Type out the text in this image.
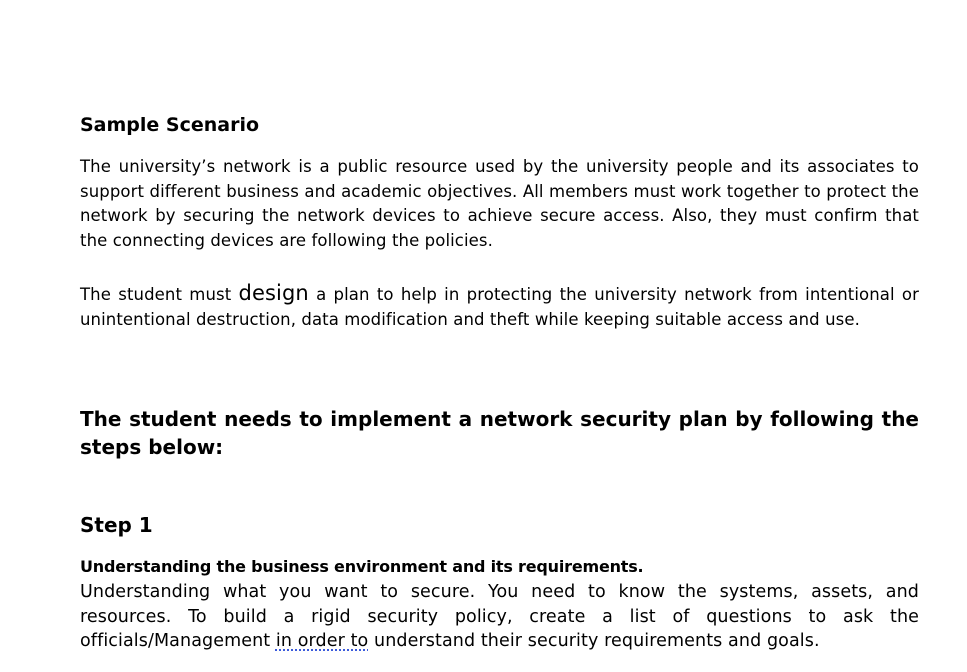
Sample Scenario

The university’s network is a public resource used by the university people and its associates to support different business and academic objectives. All members must work together to protect the network by securing the network devices to achieve secure access. Also, they must confirm that the connecting devices are following the policies.

The student must design a plan to help in protecting the university network from intentional or unintentional destruction, data modification and theft while keeping suitable access and use.

The student needs to implement a network security plan by following the steps below:
Step 1

Understanding the business environment and its requirements.

Understanding what you want to secure. You need to know the systems, assets, and resources. To build a rigid security policy, create a list of questions to ask the officials/Management in order to understand their security requirements and goals.
